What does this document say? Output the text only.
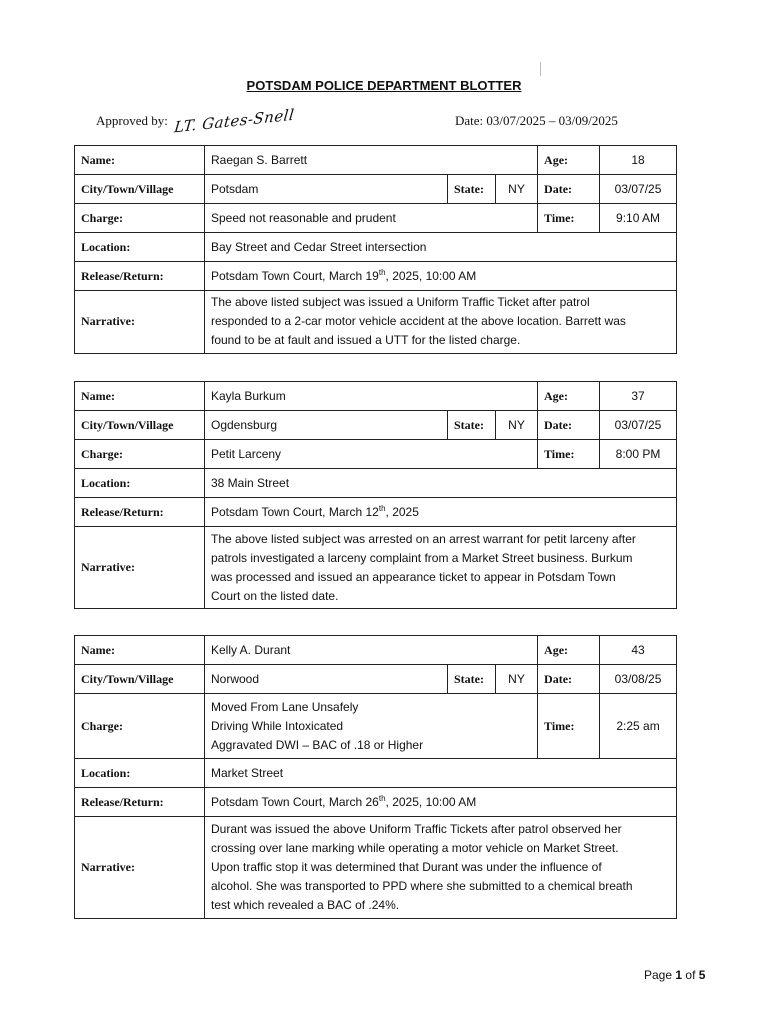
POTSDAM POLICE DEPARTMENT BLOTTER
Approved by: LT. Gates-Snell	Date: 03/07/2025 – 03/09/2025
Name:	Raegan S. Barrett			Age:	18
City/Town/Village	Potsdam	State:	NY	Date:	03/07/25
Charge:	Speed not reasonable and prudent			Time:	9:10 AM
Location:	Bay Street and Cedar Street intersection				
Release/Return:	Potsdam Town Court, March 19th, 2025, 10:00 AM				
Narrative:	The above listed subject was issued a Uniform Traffic Ticket after patrol
responded to a 2-car motor vehicle accident at the above location. Barrett was
found to be at fault and issued a UTT for the listed charge.				
Name:	Kayla Burkum			Age:	37
City/Town/Village	Ogdensburg	State:	NY	Date:	03/07/25
Charge:	Petit Larceny			Time:	8:00 PM
Location:	38 Main Street				
Release/Return:	Potsdam Town Court, March 12th, 2025				
Narrative:	The above listed subject was arrested on an arrest warrant for petit larceny after
patrols investigated a larceny complaint from a Market Street business. Burkum
was processed and issued an appearance ticket to appear in Potsdam Town
Court on the listed date.				
Name:	Kelly A. Durant			Age:	43
City/Town/Village	Norwood	State:	NY	Date:	03/08/25
Charge:	Moved From Lane Unsafely
Driving While Intoxicated
Aggravated DWI – BAC of .18 or Higher			Time:	2:25 am
Location:	Market Street				
Release/Return:	Potsdam Town Court, March 26th, 2025, 10:00 AM				
Narrative:	Durant was issued the above Uniform Traffic Tickets after patrol observed her
crossing over lane marking while operating a motor vehicle on Market Street.
Upon traffic stop it was determined that Durant was under the influence of
alcohol. She was transported to PPD where she submitted to a chemical breath
test which revealed a BAC of .24%.				
Page 1 of 5
